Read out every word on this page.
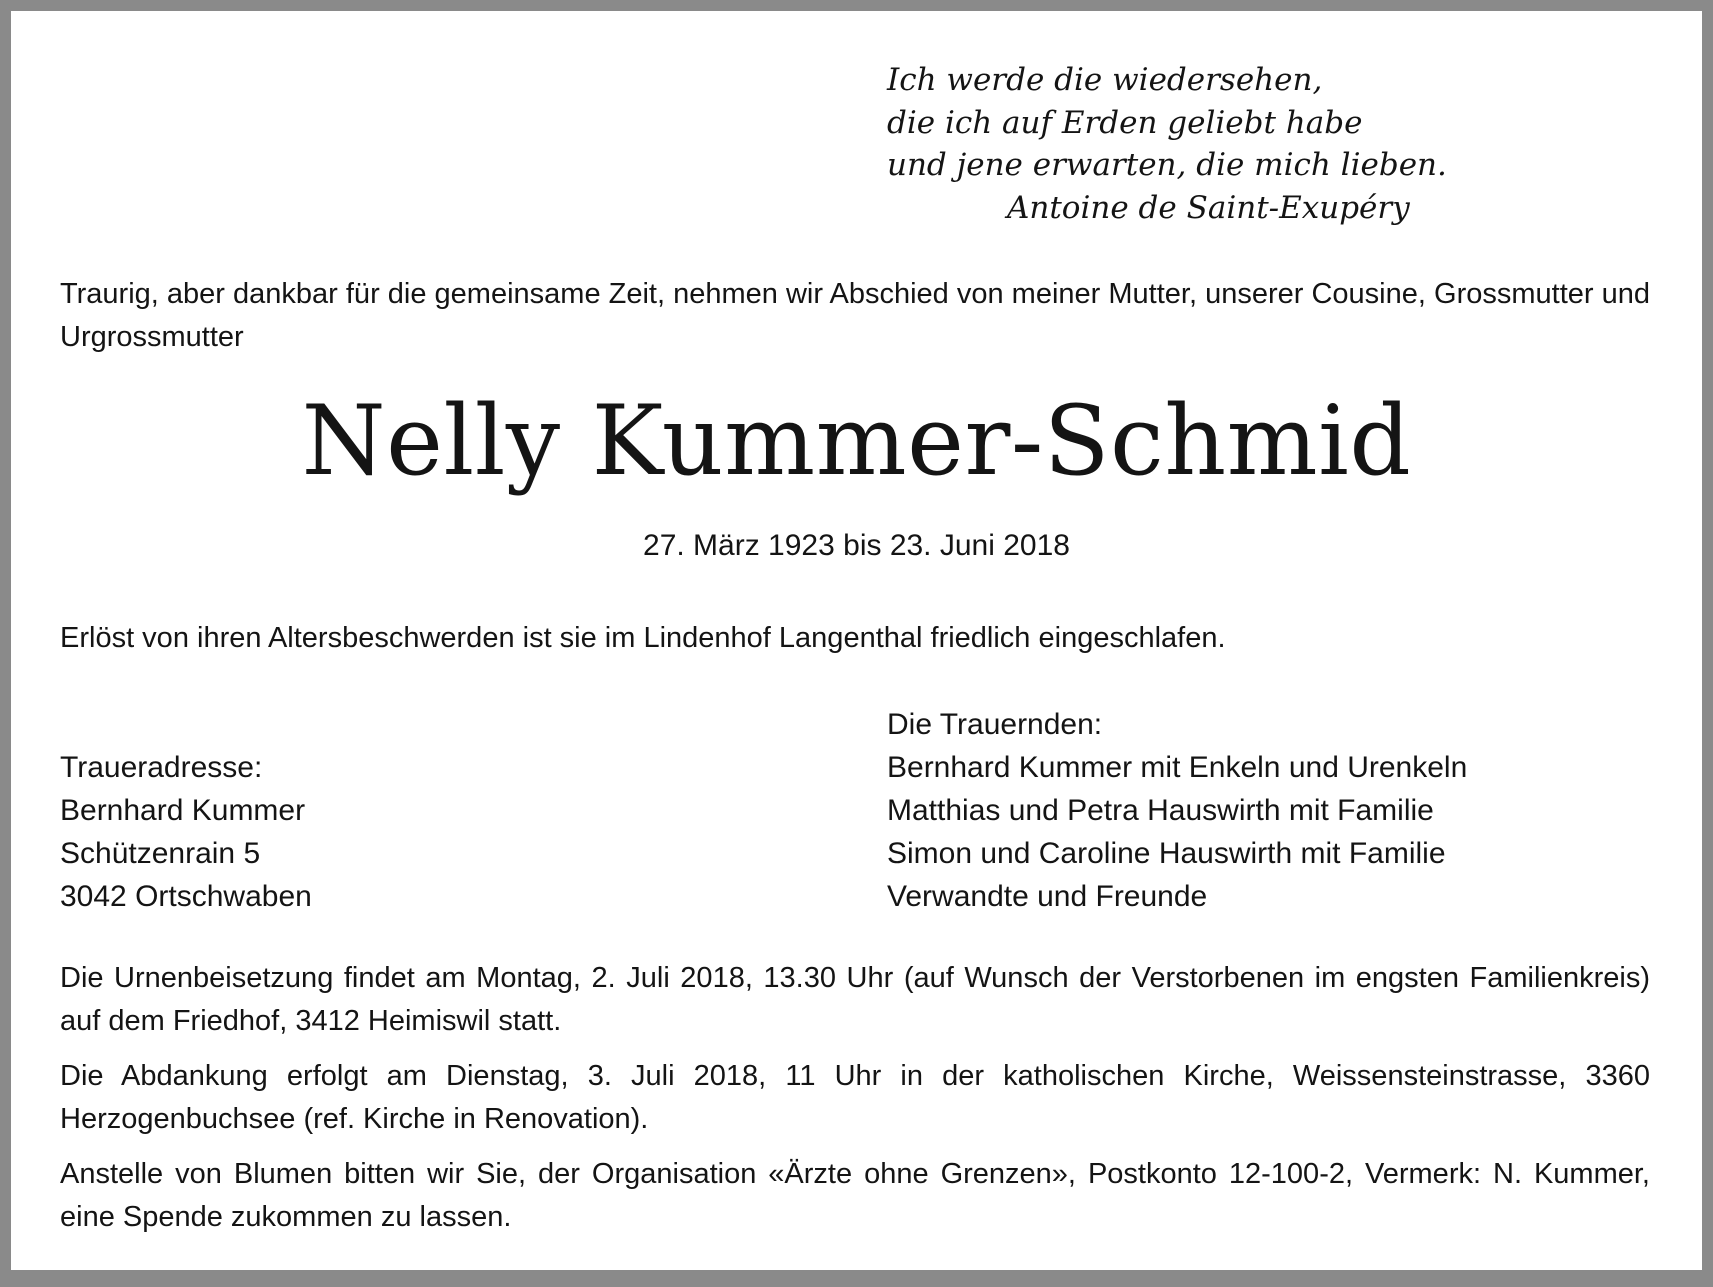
Ich werde die wiedersehen,
die ich auf Erden geliebt habe
und jene erwarten, die mich lieben.
Antoine de Saint-Exupéry
Traurig, aber dankbar für die gemeinsame Zeit, nehmen wir Abschied von meiner Mutter, unserer Cousine, Grossmutter und Urgrossmutter
Nelly Kummer-Schmid
27. März 1923 bis 23. Juni 2018
Erlöst von ihren Altersbeschwerden ist sie im Lindenhof Langenthal friedlich eingeschlafen.
Traueradresse:
Bernhard Kummer
Schützenrain 5
3042 Ortschwaben
Die Trauernden:
Bernhard Kummer mit Enkeln und Urenkeln
Matthias und Petra Hauswirth mit Familie
Simon und Caroline Hauswirth mit Familie
Verwandte und Freunde

Die Urnenbeisetzung findet am Montag, 2. Juli 2018, 13.30 Uhr (auf Wunsch der Verstorbenen im engsten Familienkreis) auf dem Friedhof, 3412 Heimiswil statt.

Die Abdankung erfolgt am Dienstag, 3. Juli 2018, 11 Uhr in der katholischen Kirche, Weissensteinstrasse, 3360 Herzogenbuchsee (ref. Kirche in Renovation).

Anstelle von Blumen bitten wir Sie, der Organisation «Ärzte ohne Grenzen», Postkonto 12-100-2, Vermerk: N. Kummer, eine Spende zukommen zu lassen.
